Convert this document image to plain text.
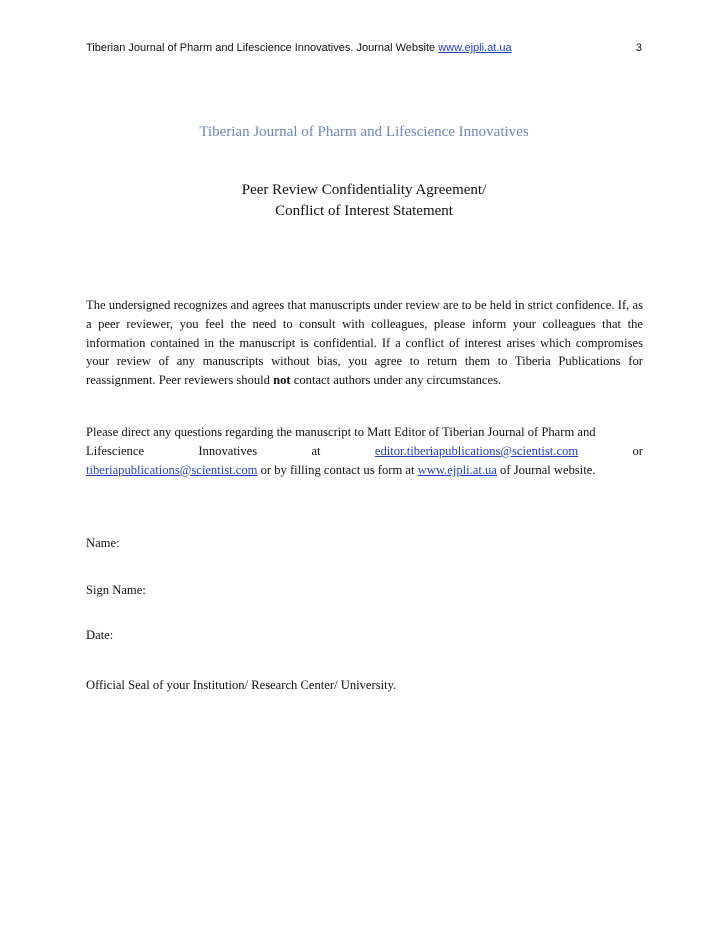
Tiberian Journal of Pharm and Lifescience Innovatives. Journal Website www.ejpli.at.ua	3
Tiberian Journal of Pharm and Lifescience Innovatives
Peer Review Confidentiality Agreement/
Conflict of Interest Statement
The undersigned recognizes and agrees that manuscripts under review are to be held in strict confidence. If, as a peer reviewer, you feel the need to consult with colleagues, please inform your colleagues that the information contained in the manuscript is confidential. If a conflict of interest arises which compromises your review of any manuscripts without bias, you agree to return them to Tiberia Publications for reassignment. Peer reviewers should not contact authors under any circumstances.
Please direct any questions regarding the manuscript to Matt Editor of Tiberian Journal of Pharm and
Lifescience	Innovatives	at	editor.tiberiapublications@scientist.com	or
tiberiapublications@scientist.com or by filling contact us form at www.ejpli.at.ua of Journal website.
Name:
Sign Name:
Date:
Official Seal of your Institution/ Research Center/ University.
